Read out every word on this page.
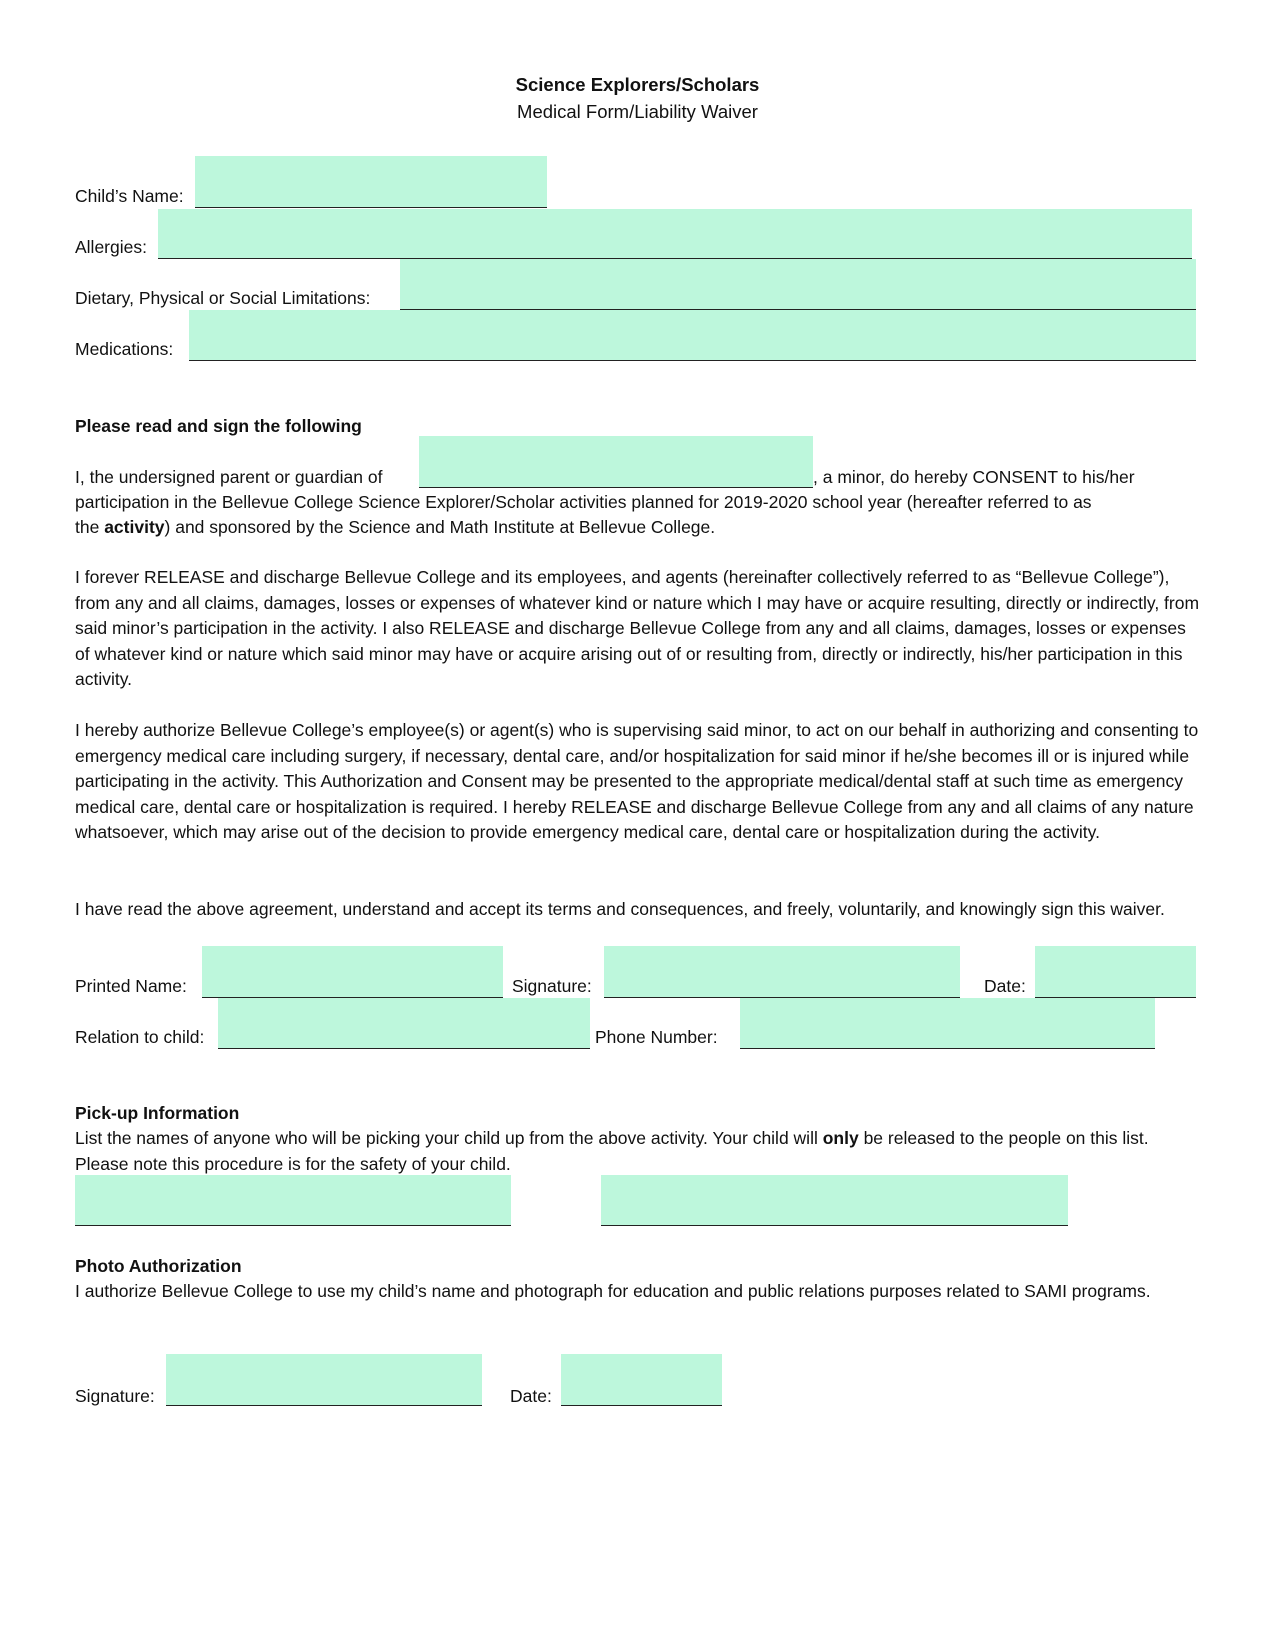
Science Explorers/Scholars
Medical Form/Liability Waiver
Child’s Name:
Allergies:
Dietary, Physical or Social Limitations:
Medications:
Please read and sign the following
I, the undersigned parent or guardian of	, a minor, do hereby CONSENT to his/her
participation in the Bellevue College Science Explorer/Scholar activities planned for 2019-2020 school year (hereafter referred to as
the activity) and sponsored by the Science and Math Institute at Bellevue College.
I forever RELEASE and discharge Bellevue College and its employees, and agents (hereinafter collectively referred to as “Bellevue College”), from any and all claims, damages, losses or expenses of whatever kind or nature which I may have or acquire resulting, directly or indirectly, from said minor’s participation in the activity. I also RELEASE and discharge Bellevue College from any and all claims, damages, losses or expenses of whatever kind or nature which said minor may have or acquire arising out of or resulting from, directly or indirectly, his/her participation in this activity.
I hereby authorize Bellevue College’s employee(s) or agent(s) who is supervising said minor, to act on our behalf in authorizing and consenting to emergency medical care including surgery, if necessary, dental care, and/or hospitalization for said minor if he/she becomes ill or is injured while participating in the activity. This Authorization and Consent may be presented to the appropriate medical/dental staff at such time as emergency medical care, dental care or hospitalization is required. I hereby RELEASE and discharge Bellevue College from any and all claims of any nature whatsoever, which may arise out of the decision to provide emergency medical care, dental care or hospitalization during the activity.
I have read the above agreement, understand and accept its terms and consequences, and freely, voluntarily, and knowingly sign this waiver.
Printed Name:	Signature:	Date:
Relation to child:	Phone Number:
Pick-up Information
List the names of anyone who will be picking your child up from the above activity. Your child will only be released to the people on this list. Please note this procedure is for the safety of your child.
Photo Authorization
I authorize Bellevue College to use my child’s name and photograph for education and public relations purposes related to SAMI programs.
Signature:	Date:
